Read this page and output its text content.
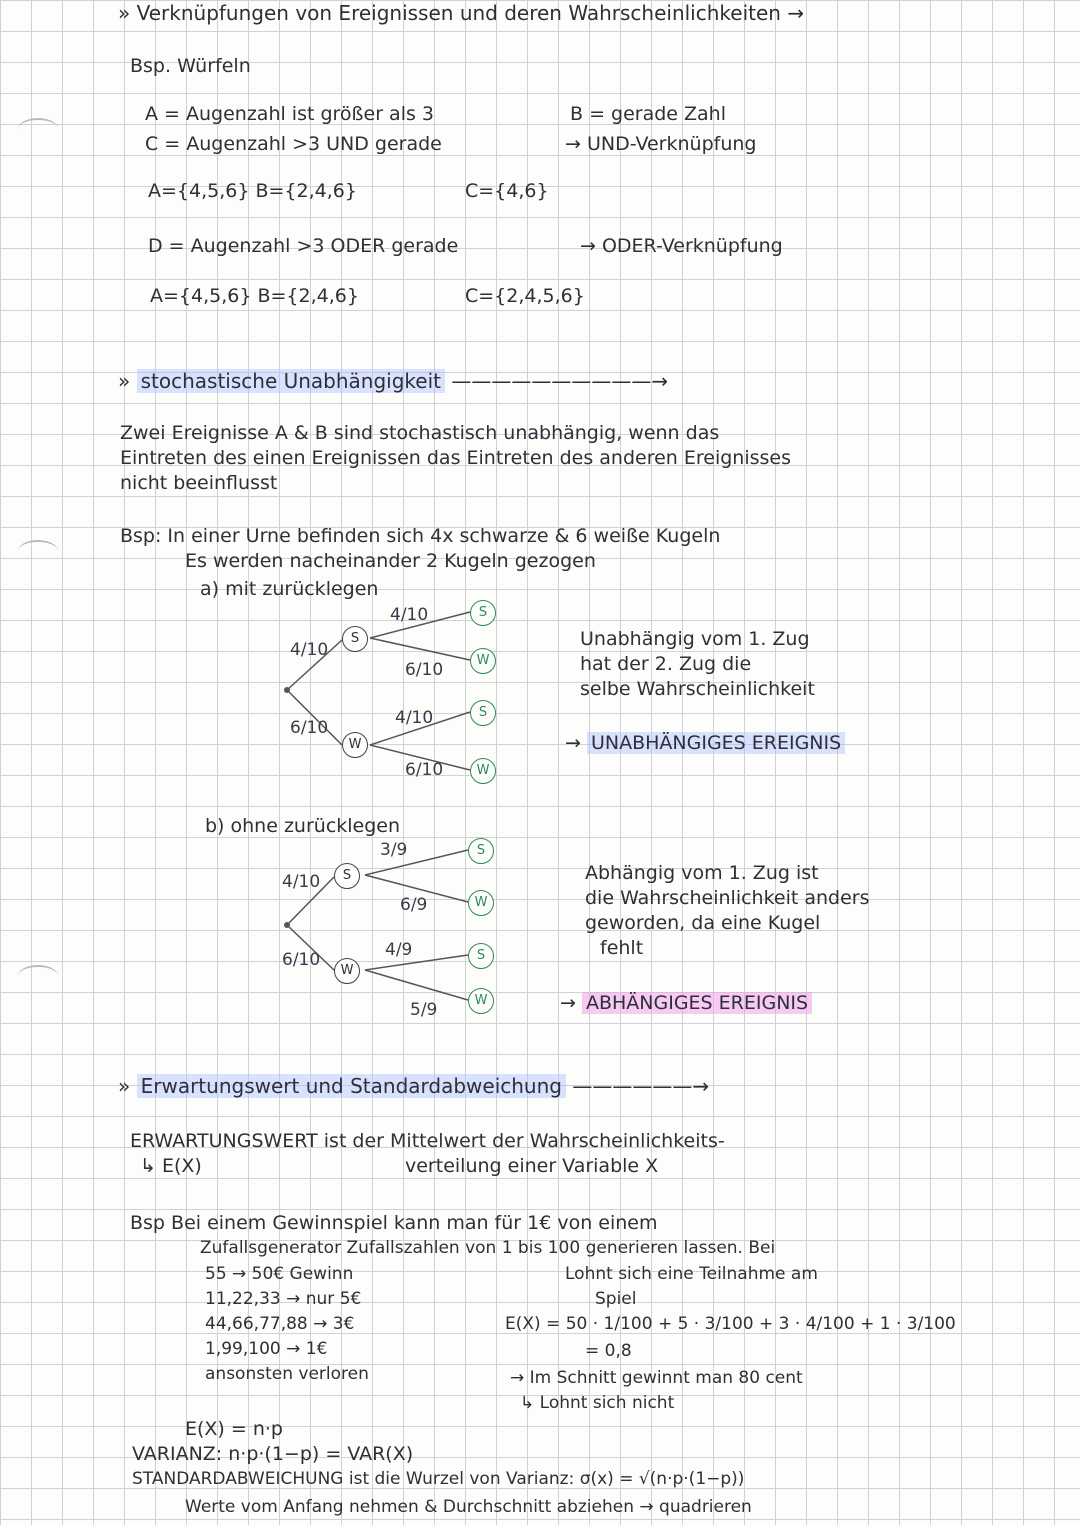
» Verknüpfungen von Ereignissen und deren Wahrscheinlichkeiten →
Bsp. Würfeln
A = Augenzahl ist größer als 3	B = gerade Zahl
C = Augenzahl >3 UND gerade	→ UND-Verknüpfung
A={4,5,6} B={2,4,6}	C={4,6}
D = Augenzahl >3 ODER gerade	→ ODER-Verknüpfung
A={4,5,6} B={2,4,6}	C={2,4,5,6}
» stochastische Unabhängigkeit ——————————→
Zwei Ereignisse A & B sind stochastisch unabhängig, wenn das
Eintreten des einen Ereignissen das Eintreten des anderen Ereignisses
nicht beeinflusst
Bsp: In einer Urne befinden sich 4x schwarze & 6 weiße Kugeln
Es werden nacheinander 2 Kugeln gezogen
a) mit zurücklegen
S
W
S
W
S
W
4/10
6/10
4/10
6/10
4/10
6/10
Unabhängig vom 1. Zug
hat der 2. Zug die
selbe Wahrscheinlichkeit
→ UNABHÄNGIGES EREIGNIS
b) ohne zurücklegen
S
W
S
W
S
W
4/10
6/10
3/9
6/9
4/9
5/9
Abhängig vom 1. Zug ist
die Wahrscheinlichkeit anders
geworden, da eine Kugel
fehlt
→ ABHÄNGIGES EREIGNIS
» Erwartungswert und Standardabweichung ——————→
ERWARTUNGSWERT ist der Mittelwert der Wahrscheinlichkeits-
↳ E(X)	verteilung einer Variable X
Bsp Bei einem Gewinnspiel kann man für 1€ von einem
Zufallsgenerator Zufallszahlen von 1 bis 100 generieren lassen. Bei
55 → 50€ Gewinn
11,22,33 → nur 5€
44,66,77,88 → 3€
1,99,100 → 1€
ansonsten verloren
Lohnt sich eine Teilnahme am
Spiel
E(X) = 50 · 1/100 + 5 · 3/100 + 3 · 4/100 + 1 · 3/100
= 0,8
→ Im Schnitt gewinnt man 80 cent
↳ Lohnt sich nicht
E(X) = n·p
VARIANZ: n·p·(1−p) = VAR(X)
STANDARDABWEICHUNG ist die Wurzel von Varianz: σ(x) = √(n·p·(1−p))
Werte vom Anfang nehmen & Durchschnitt abziehen → quadrieren
